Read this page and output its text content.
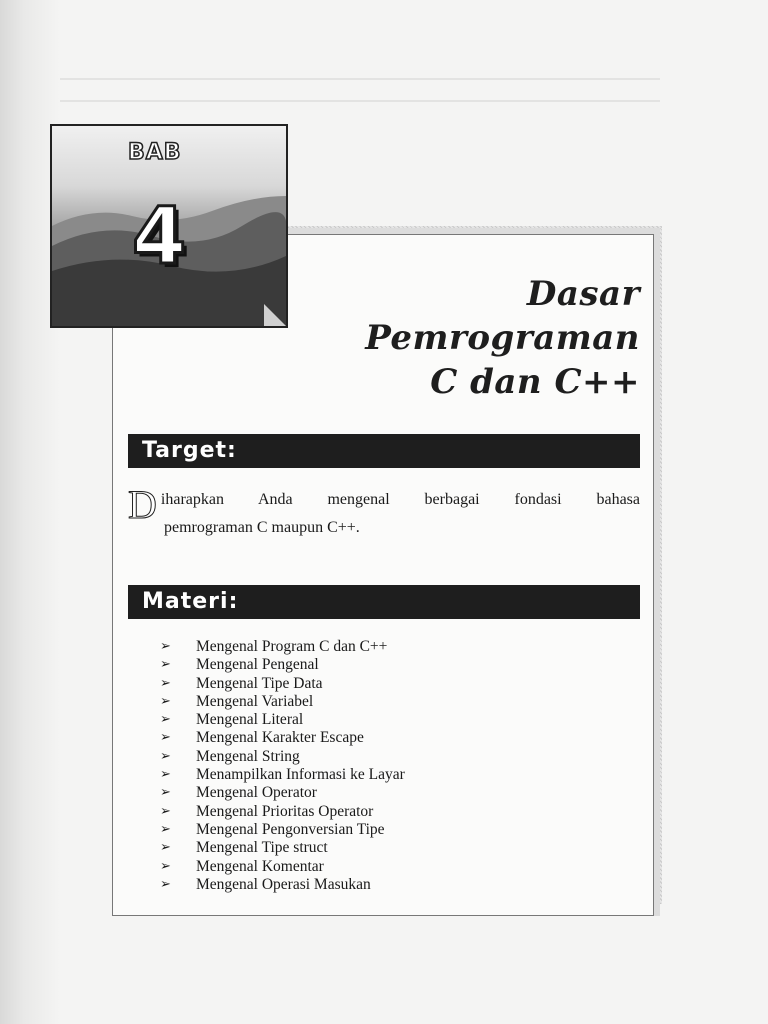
BAB
4
Dasar
Pemrograman
C dan C++
Target:
D iharapkan Anda mengenal berbagai fondasi bahasa
pemrograman C maupun C++.
Materi:
➢	Mengenal Program C dan C++
➢	Mengenal Pengenal
➢	Mengenal Tipe Data
➢	Mengenal Variabel
➢	Mengenal Literal
➢	Mengenal Karakter Escape
➢	Mengenal String
➢	Menampilkan Informasi ke Layar
➢	Mengenal Operator
➢	Mengenal Prioritas Operator
➢	Mengenal Pengonversian Tipe
➢	Mengenal Tipe struct
➢	Mengenal Komentar
➢	Mengenal Operasi Masukan
